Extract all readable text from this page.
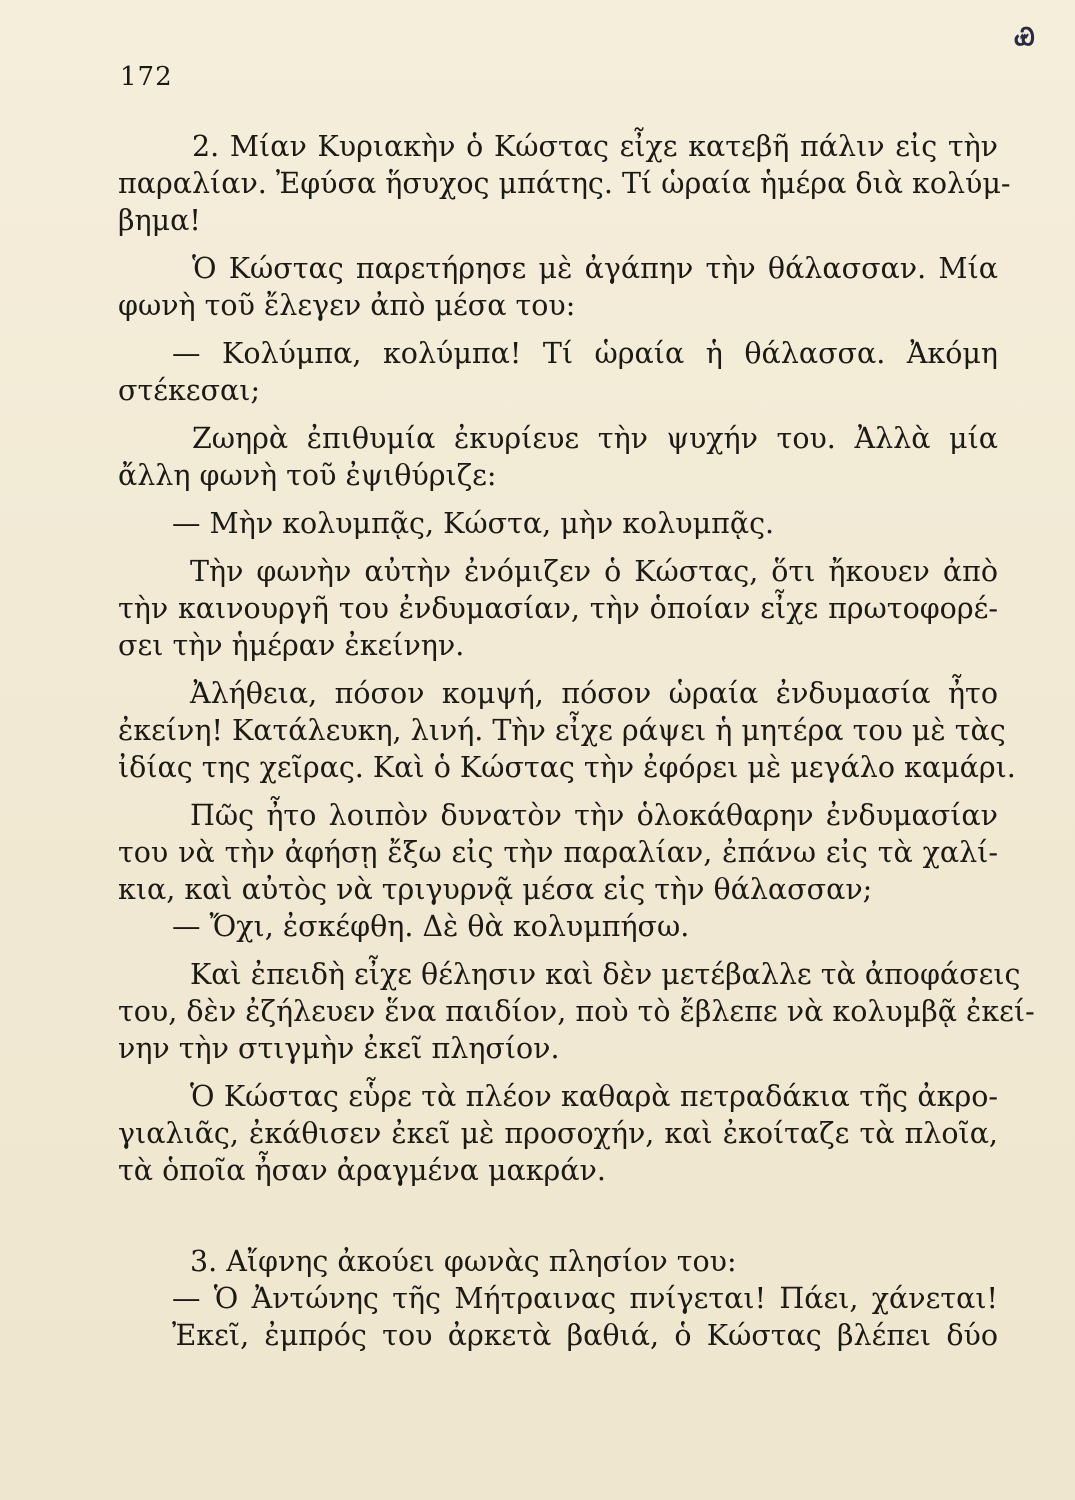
172
Ꮿ
2. Μίαν Κυριακὴν ὁ Κώστας εἶχε κατεβῆ πάλιν εἰς τὴν
παραλίαν. Ἐφύσα ἥσυχος μπάτης. Τί ὡραία ἡμέρα διὰ κολύμ-
βημα!
Ὁ Κώστας παρετήρησε μὲ ἀγάπην τὴν θάλασσαν. Μία
φωνὴ τοῦ ἔλεγεν ἀπὸ μέσα του:
— Κολύμπα, κολύμπα! Τί ὡραία ἡ θάλασσα. Ἀκόμη
στέκεσαι;
Ζωηρὰ ἐπιθυμία ἐκυρίευε τὴν ψυχήν του. Ἀλλὰ μία
ἄλλη φωνὴ τοῦ ἐψιθύριζε:
— Μὴν κολυμπᾷς, Κώστα, μὴν κολυμπᾷς.
Τὴν φωνὴν αὐτὴν ἐνόμιζεν ὁ Κώστας, ὅτι ἤκουεν ἀπὸ
τὴν καινουργῆ του ἐνδυμασίαν, τὴν ὁποίαν εἶχε πρωτοφορέ-
σει τὴν ἡμέραν ἐκείνην.
Ἀλήθεια, πόσον κομψή, πόσον ὡραία ἐνδυμασία ἦτο
ἐκείνη! Κατάλευκη, λινή. Τὴν εἶχε ράψει ἡ μητέρα του μὲ τὰς
ἰδίας της χεῖρας. Καὶ ὁ Κώστας τὴν ἐφόρει μὲ μεγάλο καμάρι.
Πῶς ἦτο λοιπὸν δυνατὸν τὴν ὁλοκάθαρην ἐνδυμασίαν
του νὰ τὴν ἀφήσῃ ἔξω εἰς τὴν παραλίαν, ἐπάνω εἰς τὰ χαλί-
κια, καὶ αὐτὸς νὰ τριγυρνᾷ μέσα εἰς τὴν θάλασσαν;
— Ὄχι, ἐσκέφθη. Δὲ θὰ κολυμπήσω.
Καὶ ἐπειδὴ εἶχε θέλησιν καὶ δὲν μετέβαλλε τὰ ἀποφάσεις
του, δὲν ἐζήλευεν ἕνα παιδίον, ποὺ τὸ ἔβλεπε νὰ κολυμβᾷ ἐκεί-
νην τὴν στιγμὴν ἐκεῖ πλησίον.
Ὁ Κώστας εὗρε τὰ πλέον καθαρὰ πετραδάκια τῆς ἀκρο-
γιαλιᾶς, ἐκάθισεν ἐκεῖ μὲ προσοχήν, καὶ ἐκοίταζε τὰ πλοῖα,
τὰ ὁποῖα ἦσαν ἀραγμένα μακράν.
3. Αἴφνης ἀκούει φωνὰς πλησίον του:
— Ὁ Ἀντώνης τῆς Μήτραινας πνίγεται! Πάει, χάνεται!
Ἐκεῖ, ἐμπρός του ἀρκετὰ βαθιά, ὁ Κώστας βλέπει δύο
